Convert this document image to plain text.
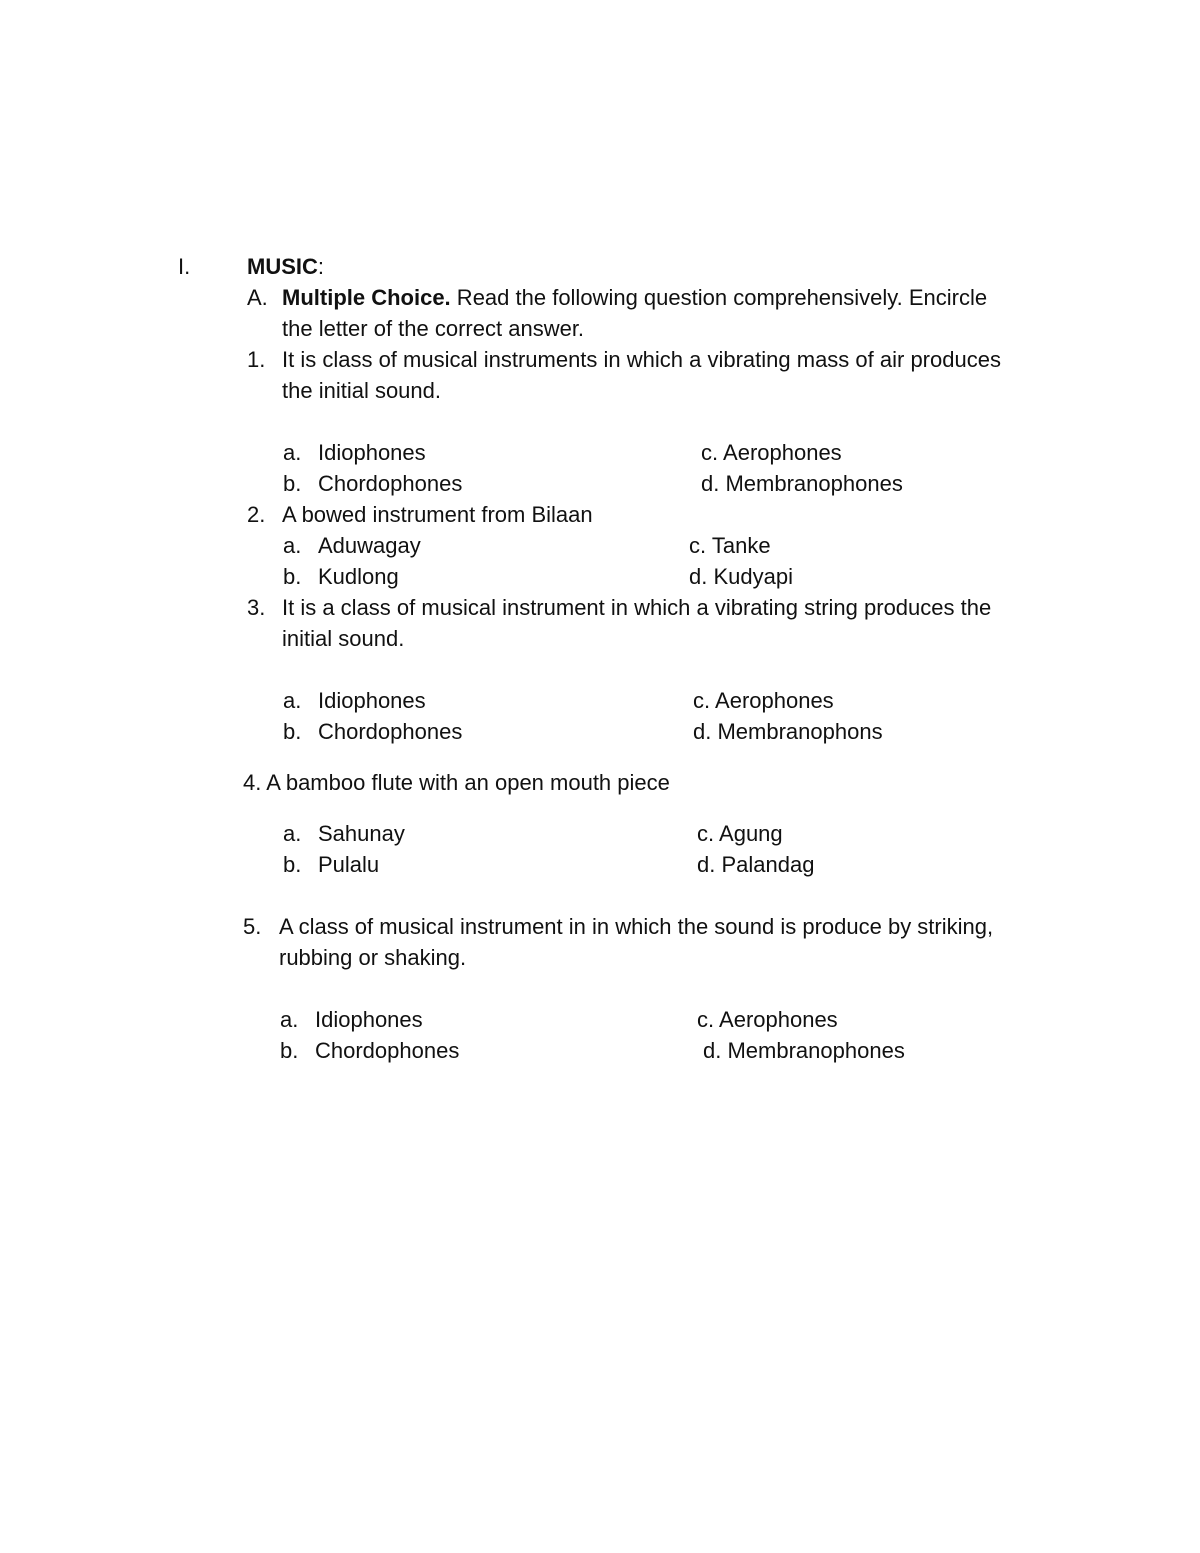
I.	MUSIC:
A. Multiple Choice. Read the following question comprehensively. Encircle
the letter of the correct answer.
1. It is class of musical instruments in which a vibrating mass of air produces
the initial sound.
a. Idiophones
b. Chordophones
c. Aerophones
d. Membranophones
2. A bowed instrument from Bilaan
a. Aduwagay
b. Kudlong
c. Tanke
d. Kudyapi
3. It is a class of musical instrument in which a vibrating string produces the
initial sound.
a. Idiophones
b. Chordophones
c. Aerophones
d. Membranophons
4. A bamboo flute with an open mouth piece
a. Sahunay
b. Pulalu
c. Agung
d. Palandag
5. A class of musical instrument in in which the sound is produce by striking,
rubbing or shaking.
a. Idiophones
b. Chordophones
c. Aerophones
d. Membranophones
